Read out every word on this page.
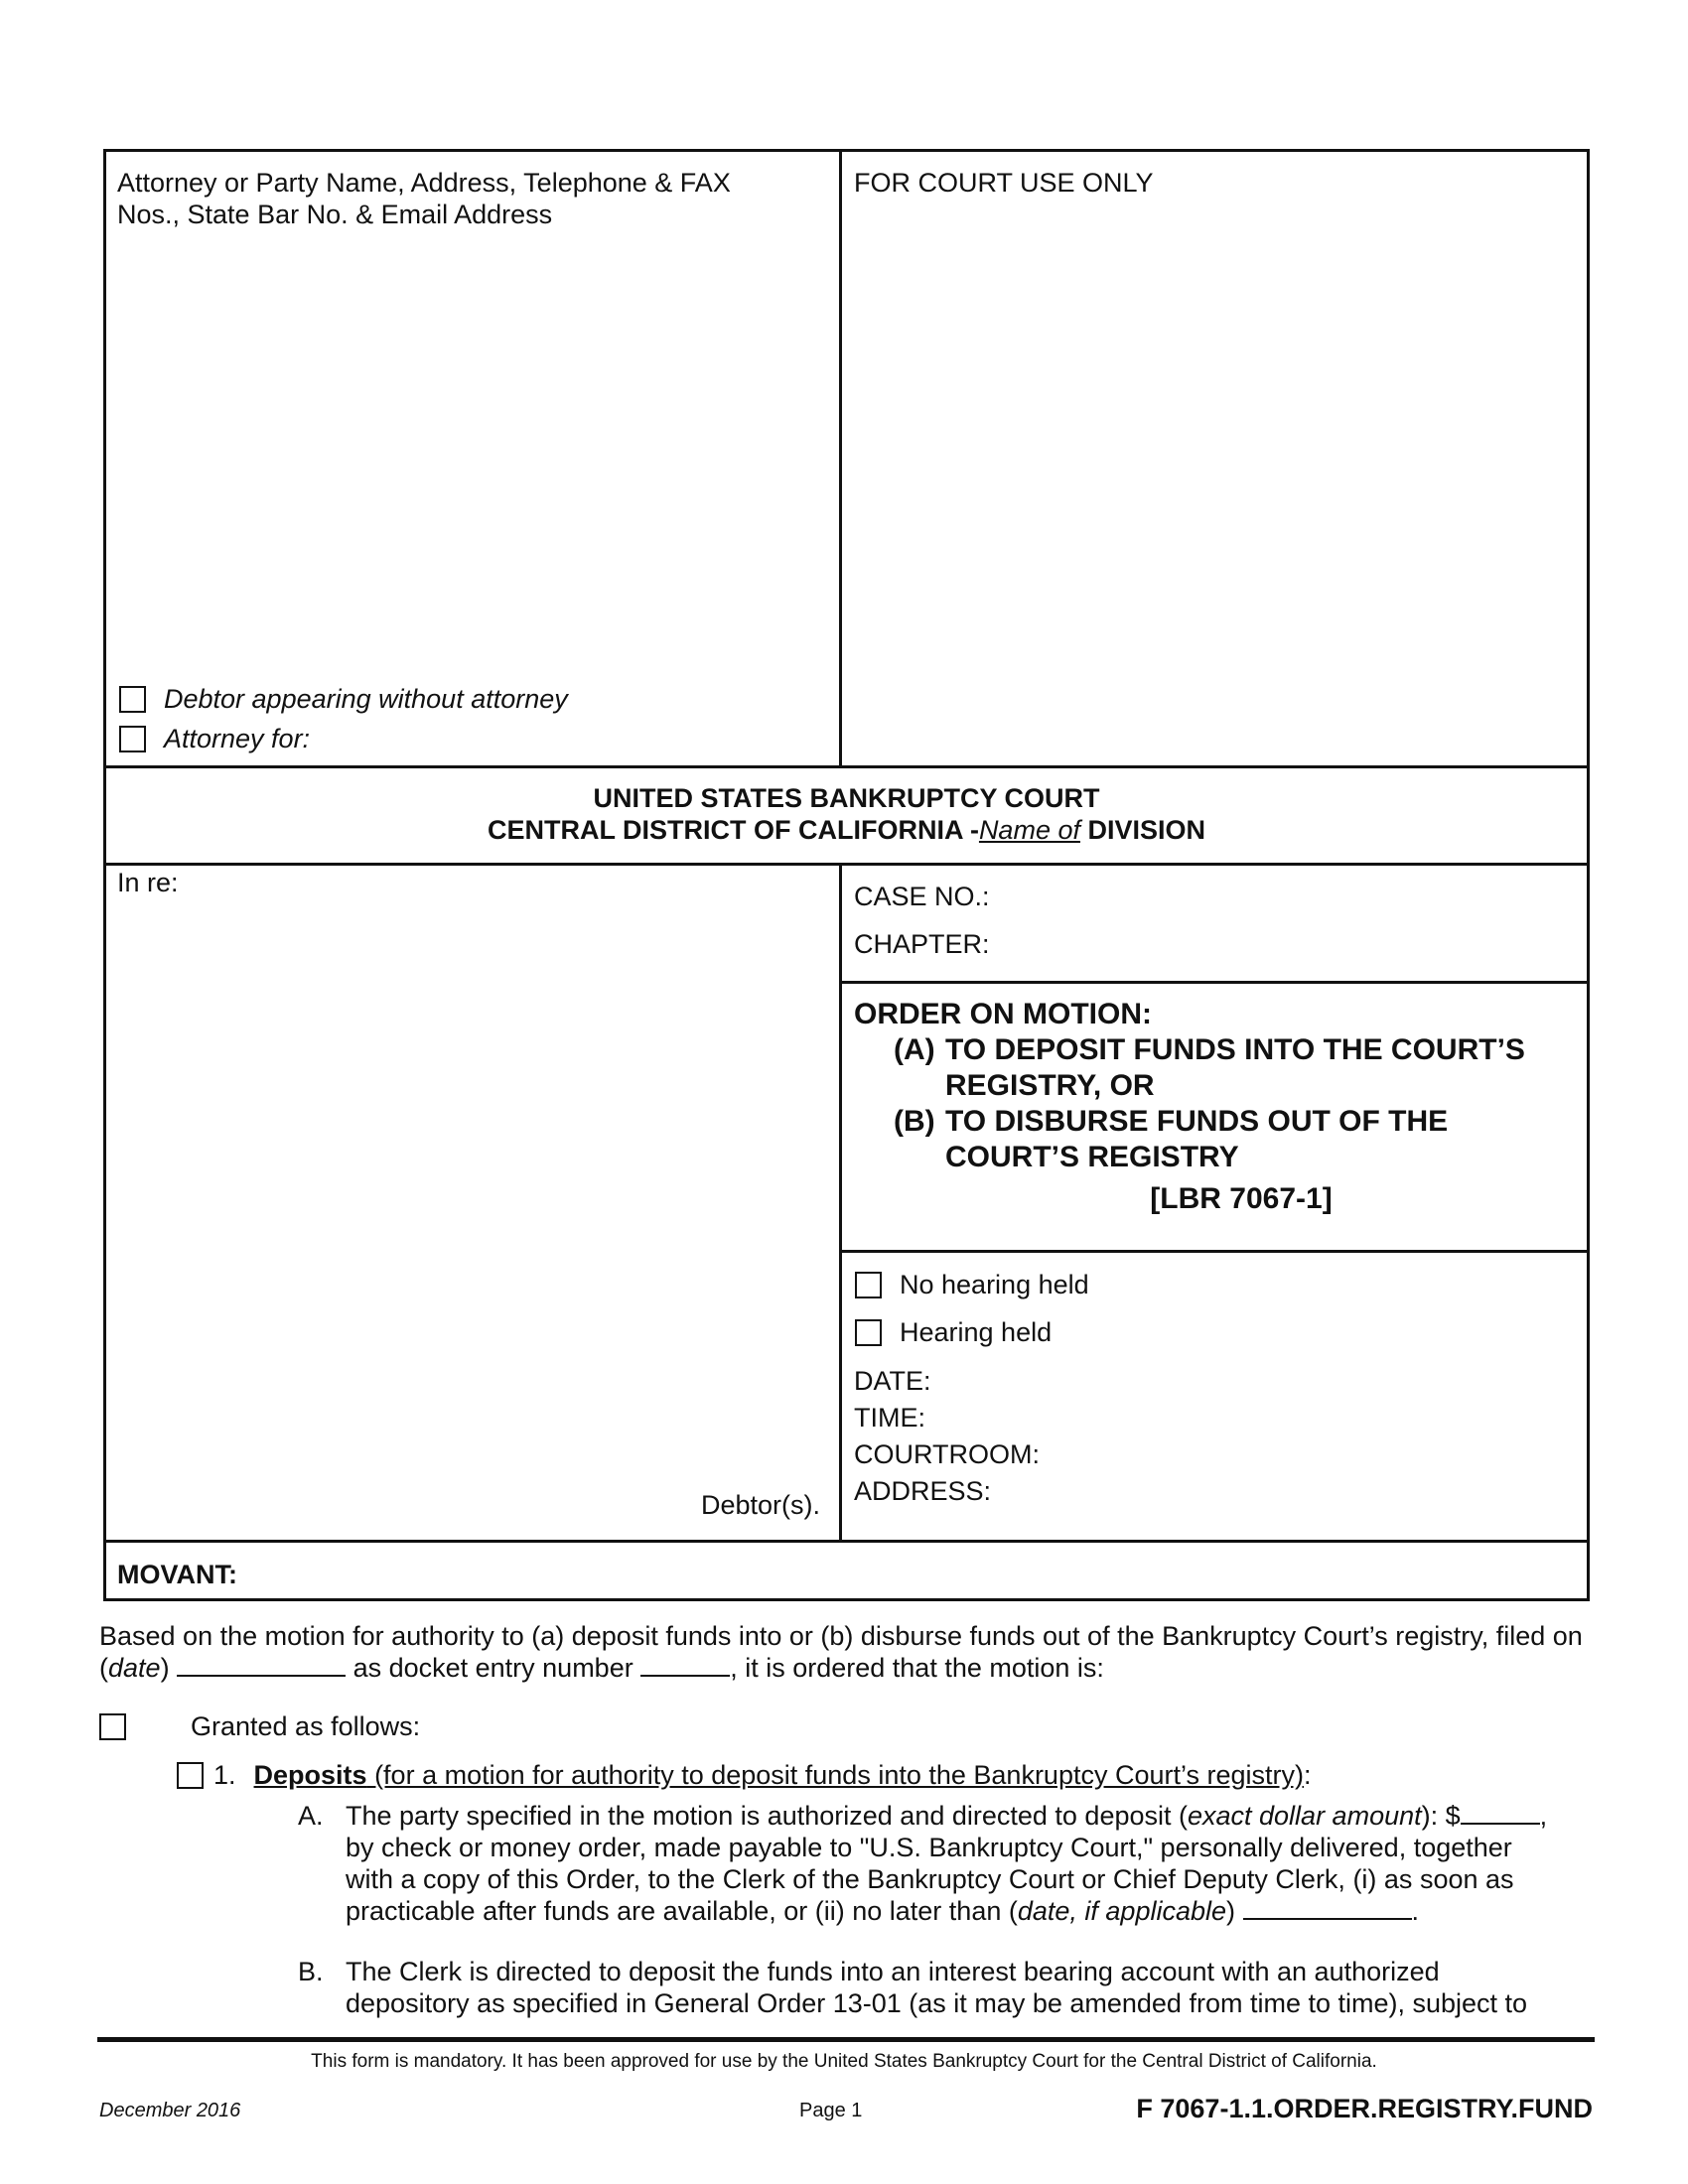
Attorney or Party Name, Address, Telephone & FAX Nos., State Bar No. & Email Address
FOR COURT USE ONLY
Debtor appearing without attorney
Attorney for:
UNITED STATES BANKRUPTCY COURT
CENTRAL DISTRICT OF CALIFORNIA -Name of DIVISION
In re:
Debtor(s).
CASE NO.:
CHAPTER:
ORDER ON MOTION:
(A) TO DEPOSIT FUNDS INTO THE COURT’S REGISTRY, OR
(B) TO DISBURSE FUNDS OUT OF THE COURT’S REGISTRY
[LBR 7067-1]
No hearing held
Hearing held
DATE:
TIME:
COURTROOM:
ADDRESS:
MOVANT:
Based on the motion for authority to (a) deposit funds into or (b) disburse funds out of the Bankruptcy Court’s registry, filed on (date)	as docket entry number	, it is ordered that the motion is:
Granted as follows:
1. Deposits (for a motion for authority to deposit funds into the Bankruptcy Court’s registry) :
A. The party specified in the motion is authorized and directed to deposit (exact dollar amount): $	, by check or money order, made payable to "U.S. Bankruptcy Court," personally delivered, together with a copy of this Order, to the Clerk of the Bankruptcy Court or Chief Deputy Clerk, (i) as soon as practicable after funds are available, or (ii) no later than (date, if applicable)	.
B. The Clerk is directed to deposit the funds into an interest bearing account with an authorized depository as specified in General Order 13-01 (as it may be amended from time to time), subject to
This form is mandatory. It has been approved for use by the United States Bankruptcy Court for the Central District of California.
December 2016	Page 1	F 7067-1.1.ORDER.REGISTRY.FUND
